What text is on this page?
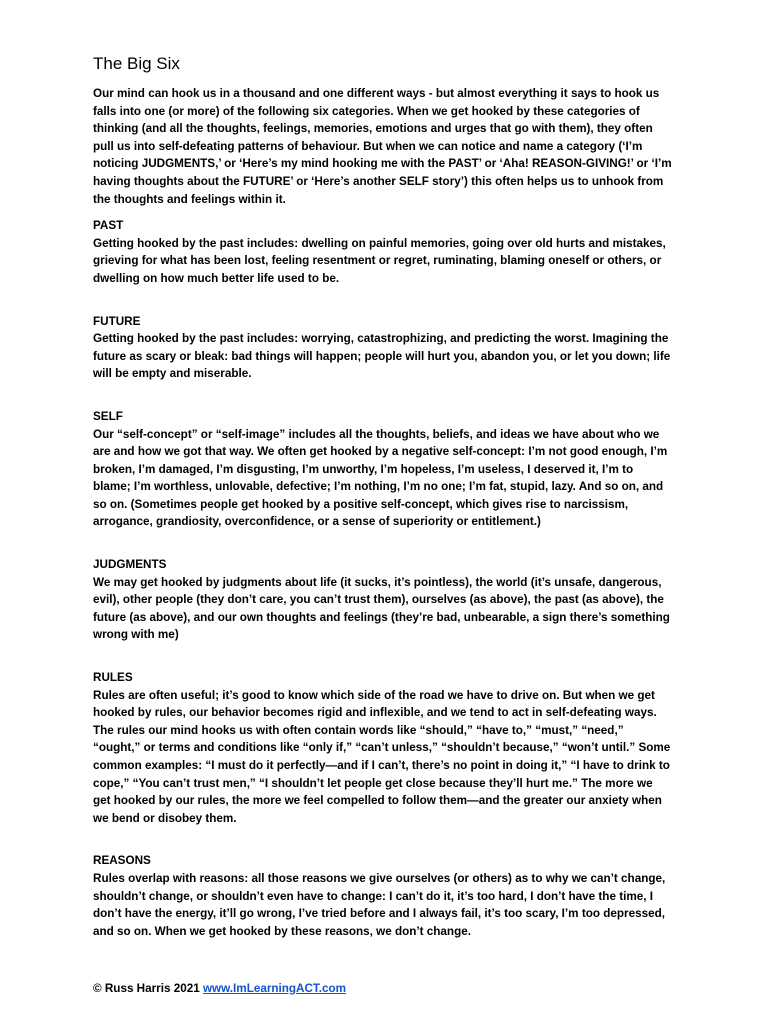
The Big Six

Our mind can hook us in a thousand and one different ways - but almost everything it says to hook us falls into one (or more) of the following six categories. When we get hooked by these categories of thinking (and all the thoughts, feelings, memories, emotions and urges that go with them), they often pull us into self-defeating patterns of behaviour. But when we can notice and name a category (‘I’m noticing JUDGMENTS,’ or ‘Here’s my mind hooking me with the PAST’ or ‘Aha! REASON-GIVING!’ or ‘I’m having thoughts about the FUTURE’ or ‘Here’s another SELF story’) this often helps us to unhook from the thoughts and feelings within it.

PAST

Getting hooked by the past includes: dwelling on painful memories, going over old hurts and mistakes, grieving for what has been lost, feeling resentment or regret, ruminating, blaming oneself or others, or dwelling on how much better life used to be.

FUTURE

Getting hooked by the past includes: worrying, catastrophizing, and predicting the worst. Imagining the future as scary or bleak: bad things will happen; people will hurt you, abandon you, or let you down; life will be empty and miserable.

SELF

Our “self-concept” or “self-image” includes all the thoughts, beliefs, and ideas we have about who we are and how we got that way. We often get hooked by a negative self-concept: I’m not good enough, I’m broken, I’m damaged, I’m disgusting, I’m unworthy, I’m hopeless, I’m useless, I deserved it, I’m to blame; I’m worthless, unlovable, defective; I’m nothing, I’m no one; I’m fat, stupid, lazy. And so on, and so on. (Sometimes people get hooked by a positive self-concept, which gives rise to narcissism, arrogance, grandiosity, overconfidence, or a sense of superiority or entitlement.)

JUDGMENTS

We may get hooked by judgments about life (it sucks, it’s pointless), the world (it’s unsafe, dangerous, evil), other people (they don’t care, you can’t trust them), ourselves (as above), the past (as above), the future (as above), and our own thoughts and feelings (they’re bad, unbearable, a sign there’s something wrong with me)

RULES

Rules are often useful; it’s good to know which side of the road we have to drive on. But when we get hooked by rules, our behavior becomes rigid and inflexible, and we tend to act in self-defeating ways. The rules our mind hooks us with often contain words like “should,” “have to,” “must,” “need,” “ought,” or terms and conditions like “only if,” “can’t unless,” “shouldn’t because,” “won’t until.” Some common examples: “I must do it perfectly—and if I can’t, there’s no point in doing it,” “I have to drink to cope,” “You can’t trust men,” “I shouldn’t let people get close because they’ll hurt me.” The more we get hooked by our rules, the more we feel compelled to follow them—and the greater our anxiety when we bend or disobey them.

REASONS

Rules overlap with reasons: all those reasons we give ourselves (or others) as to why we can’t change, shouldn’t change, or shouldn’t even have to change: I can’t do it, it’s too hard, I don’t have the time, I don’t have the energy, it’ll go wrong, I’ve tried before and I always fail, it’s too scary, I’m too depressed, and so on. When we get hooked by these reasons, we don’t change.

© Russ Harris 2021 www.ImLearningACT.com
